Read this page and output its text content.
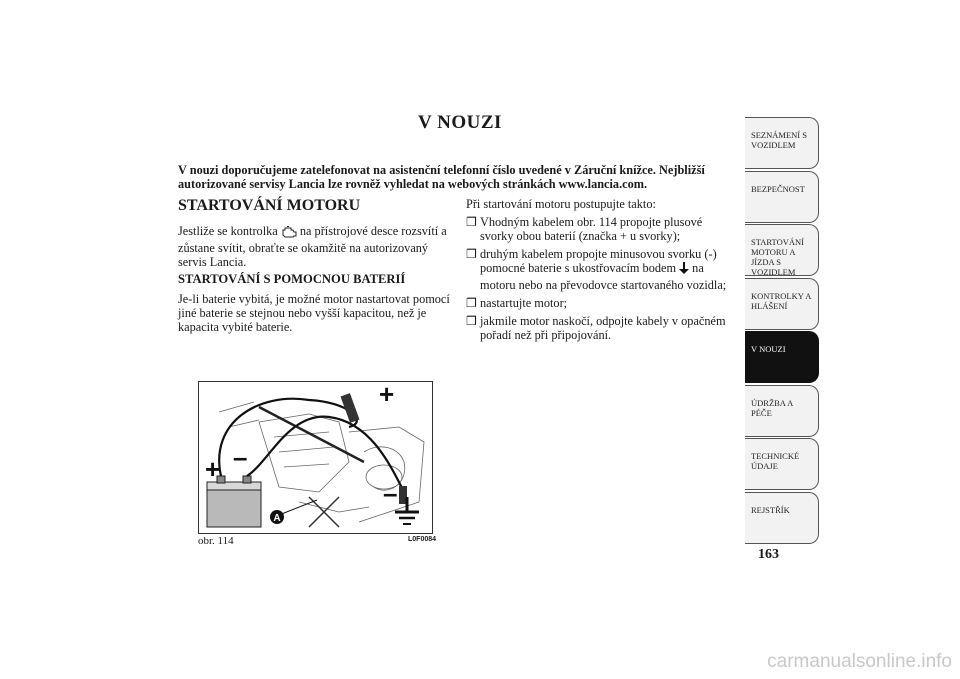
V NOUZI

V nouzi doporučujeme zatelefonovat na asistenční telefonní číslo uvedené v Záruční knížce. Nejbližší autorizované servisy Lancia lze rovněž vyhledat na webových stránkách www.lancia.com.

STARTOVÁNÍ MOTORU

Jestliže se kontrolka na přístrojové desce rozsvítí a zůstane svítit, obraťte se okamžitě na autorizovaný servis Lancia.

STARTOVÁNÍ S POMOCNOU BATERIÍ

Je-li baterie vybitá, je možné motor nastartovat pomocí jiné baterie se stejnou nebo vyšší kapacitou, než je kapacita vybité baterie.

Při startování motoru postupujte takto:

❒ Vhodným kabelem obr. 114 propojte plusové svorky obou baterií (značka + u svorky);
❒ druhým kabelem propojte minusovou svorku (-) pomocné baterie s ukostřovacím bodem na motoru nebo na převodovce startovaného vozidla;
❒ nastartujte motor;
❒ jakmile motor naskočí, odpojte kabely v opačném pořadí než při připojování.
+ –
+
–
A
obr. 114	L0F0084
SEZNÁMENÍ S VOZIDLEM
BEZPEČNOST
STARTOVÁNÍ MOTORU A JÍZDA S VOZIDLEM
KONTROLKY A HLÁŠENÍ
V NOUZI
ÚDRŽBA A PÉČE
TECHNICKÉ ÚDAJE
REJSTŘÍK
163
carmanualsonline.info
